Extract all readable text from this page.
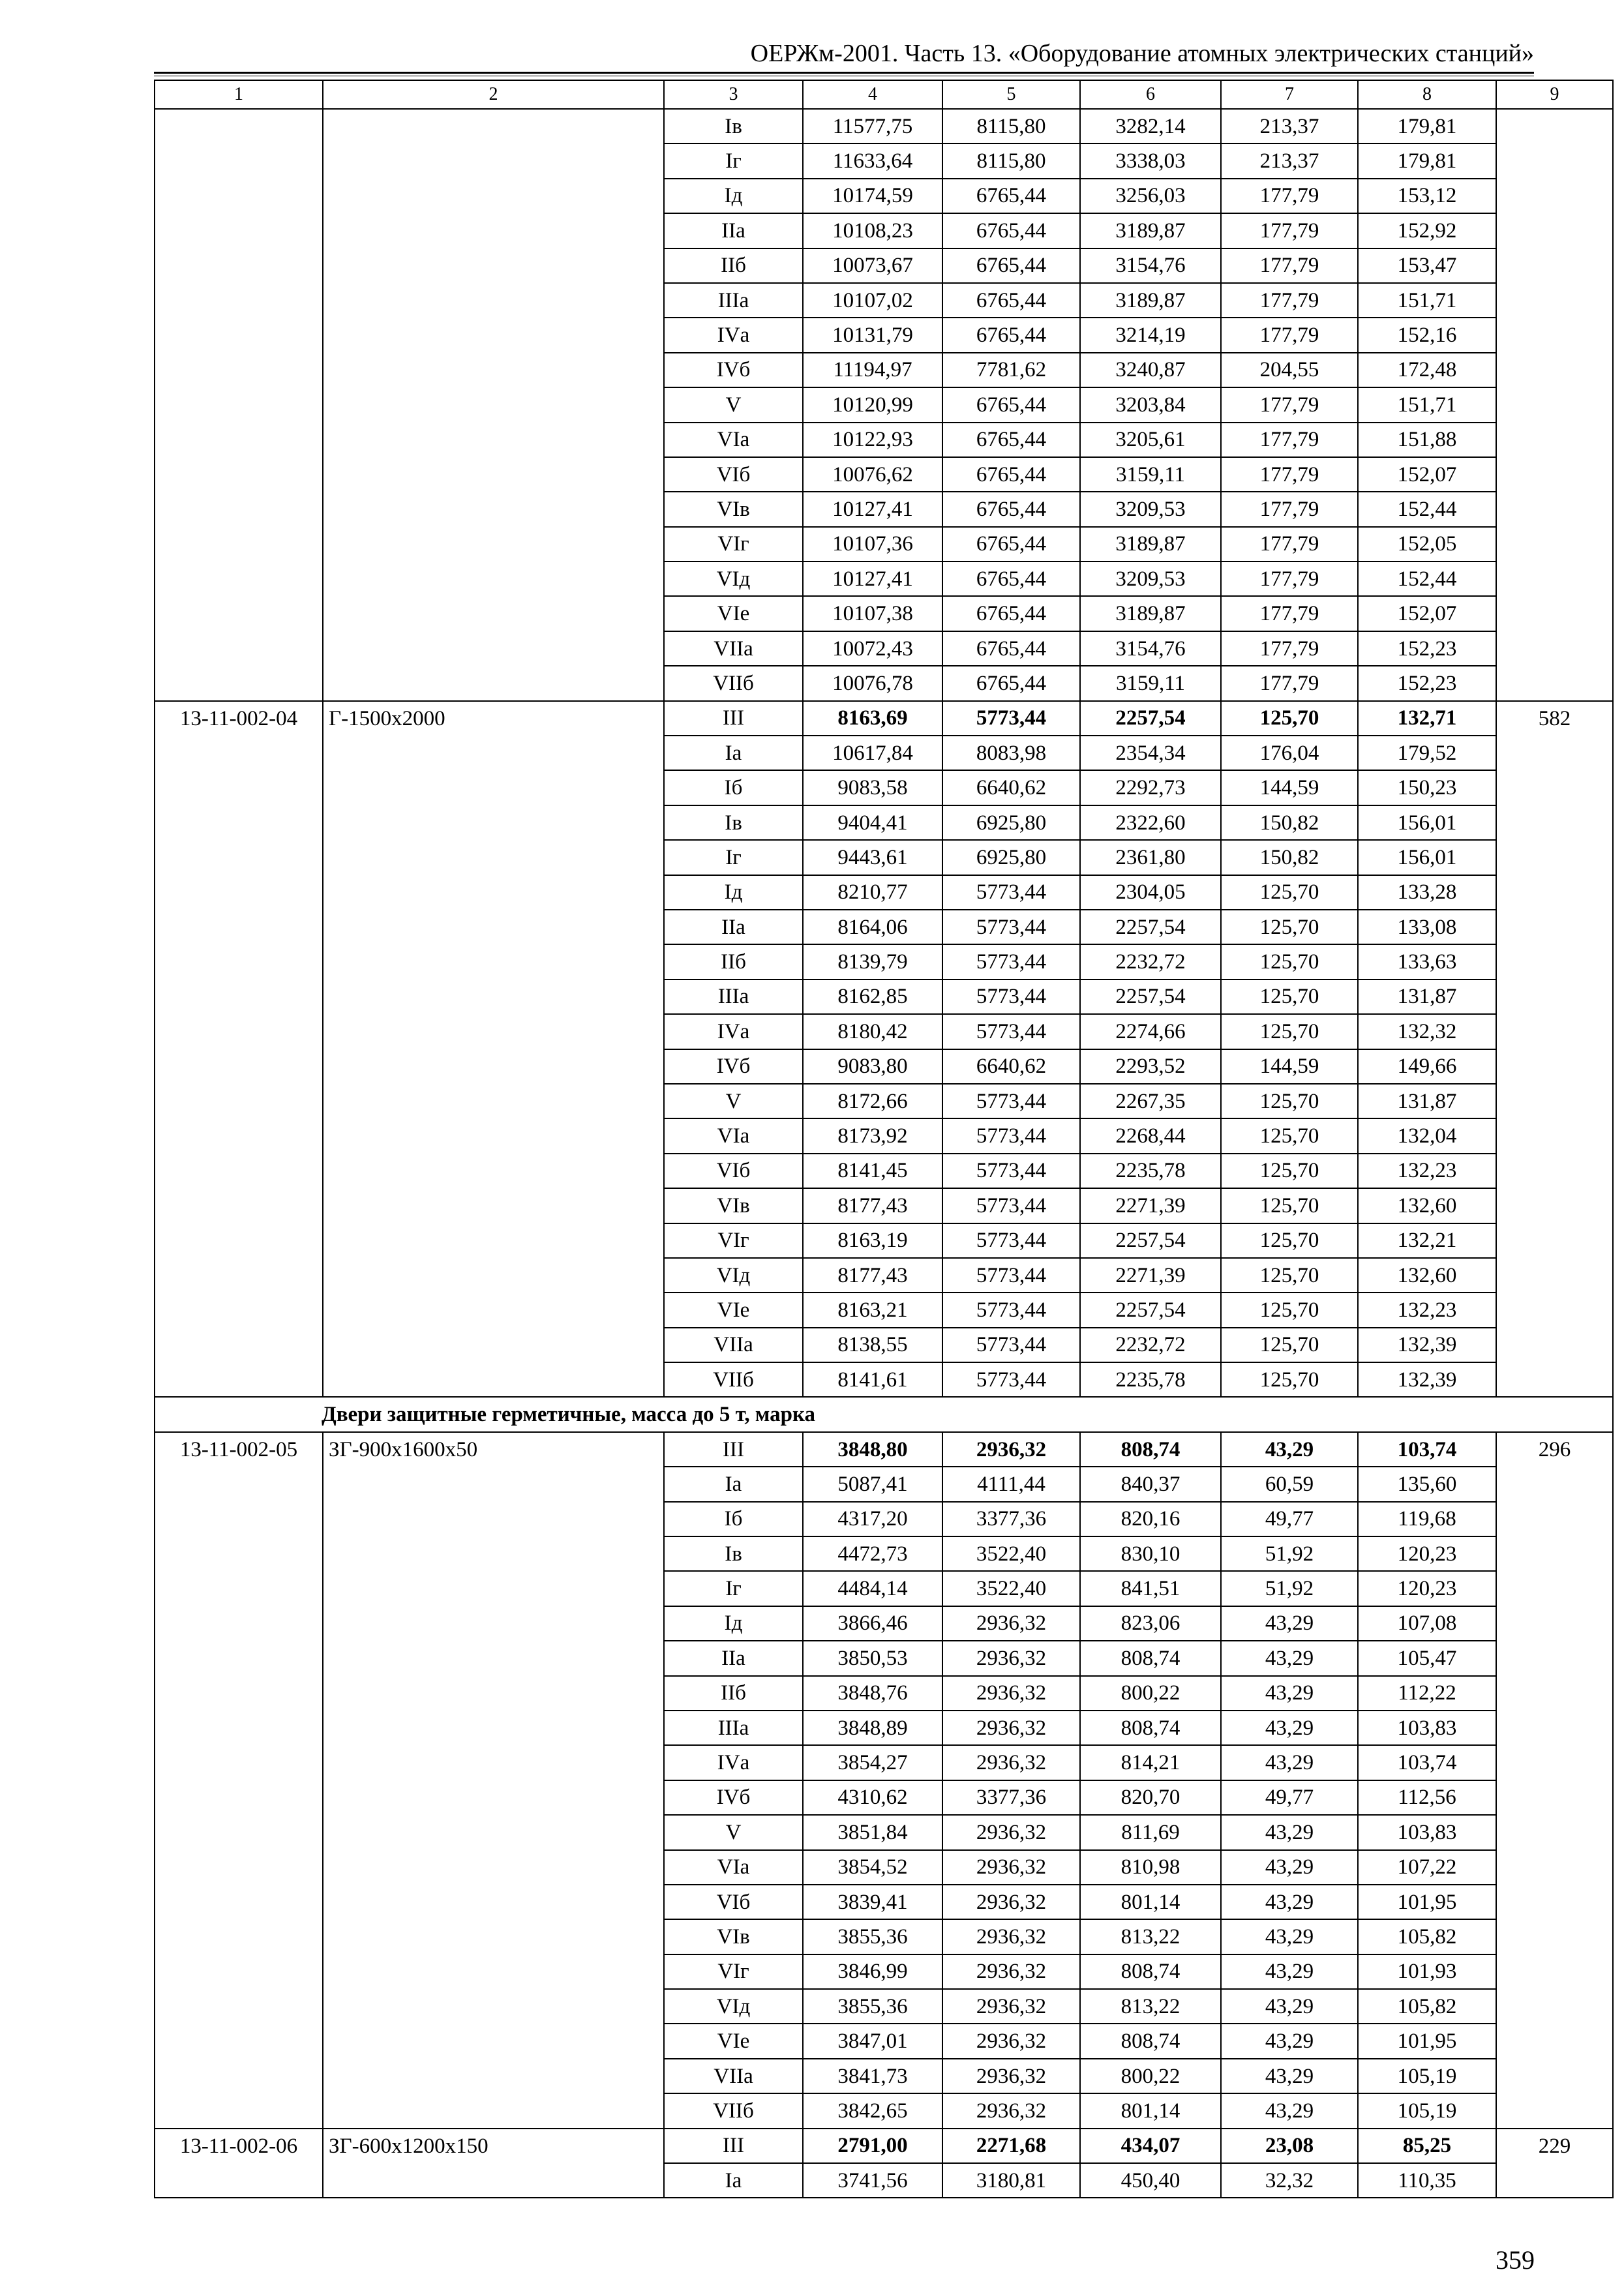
ОЕРЖм-2001. Часть 13. «Оборудование атомных электрических станций»
1	2	3	4	5	6	7	8	9
		Iв	11577,75	8115,80	3282,14	213,37	179,81	
		Iг	11633,64	8115,80	3338,03	213,37	179,81	
		Iд	10174,59	6765,44	3256,03	177,79	153,12	
		IIа	10108,23	6765,44	3189,87	177,79	152,92	
		IIб	10073,67	6765,44	3154,76	177,79	153,47	
		IIIа	10107,02	6765,44	3189,87	177,79	151,71	
		IVа	10131,79	6765,44	3214,19	177,79	152,16	
		IVб	11194,97	7781,62	3240,87	204,55	172,48	
		V	10120,99	6765,44	3203,84	177,79	151,71	
		VIа	10122,93	6765,44	3205,61	177,79	151,88	
		VIб	10076,62	6765,44	3159,11	177,79	152,07	
		VIв	10127,41	6765,44	3209,53	177,79	152,44	
		VIг	10107,36	6765,44	3189,87	177,79	152,05	
		VIд	10127,41	6765,44	3209,53	177,79	152,44	
		VIе	10107,38	6765,44	3189,87	177,79	152,07	
		VIIа	10072,43	6765,44	3154,76	177,79	152,23	
		VIIб	10076,78	6765,44	3159,11	177,79	152,23	
13-11-002-04	Г-1500х2000	III	8163,69	5773,44	2257,54	125,70	132,71	582
		Iа	10617,84	8083,98	2354,34	176,04	179,52	
		Iб	9083,58	6640,62	2292,73	144,59	150,23	
		Iв	9404,41	6925,80	2322,60	150,82	156,01	
		Iг	9443,61	6925,80	2361,80	150,82	156,01	
		Iд	8210,77	5773,44	2304,05	125,70	133,28	
		IIа	8164,06	5773,44	2257,54	125,70	133,08	
		IIб	8139,79	5773,44	2232,72	125,70	133,63	
		IIIа	8162,85	5773,44	2257,54	125,70	131,87	
		IVа	8180,42	5773,44	2274,66	125,70	132,32	
		IVб	9083,80	6640,62	2293,52	144,59	149,66	
		V	8172,66	5773,44	2267,35	125,70	131,87	
		VIа	8173,92	5773,44	2268,44	125,70	132,04	
		VIб	8141,45	5773,44	2235,78	125,70	132,23	
		VIв	8177,43	5773,44	2271,39	125,70	132,60	
		VIг	8163,19	5773,44	2257,54	125,70	132,21	
		VIд	8177,43	5773,44	2271,39	125,70	132,60	
		VIе	8163,21	5773,44	2257,54	125,70	132,23	
		VIIа	8138,55	5773,44	2232,72	125,70	132,39	
		VIIб	8141,61	5773,44	2235,78	125,70	132,39	
Двери защитные герметичные, масса до 5 т, марка								
13-11-002-05	ЗГ-900х1600х50	III	3848,80	2936,32	808,74	43,29	103,74	296
		Iа	5087,41	4111,44	840,37	60,59	135,60	
		Iб	4317,20	3377,36	820,16	49,77	119,68	
		Iв	4472,73	3522,40	830,10	51,92	120,23	
		Iг	4484,14	3522,40	841,51	51,92	120,23	
		Iд	3866,46	2936,32	823,06	43,29	107,08	
		IIа	3850,53	2936,32	808,74	43,29	105,47	
		IIб	3848,76	2936,32	800,22	43,29	112,22	
		IIIа	3848,89	2936,32	808,74	43,29	103,83	
		IVа	3854,27	2936,32	814,21	43,29	103,74	
		IVб	4310,62	3377,36	820,70	49,77	112,56	
		V	3851,84	2936,32	811,69	43,29	103,83	
		VIа	3854,52	2936,32	810,98	43,29	107,22	
		VIб	3839,41	2936,32	801,14	43,29	101,95	
		VIв	3855,36	2936,32	813,22	43,29	105,82	
		VIг	3846,99	2936,32	808,74	43,29	101,93	
		VIд	3855,36	2936,32	813,22	43,29	105,82	
		VIе	3847,01	2936,32	808,74	43,29	101,95	
		VIIа	3841,73	2936,32	800,22	43,29	105,19	
		VIIб	3842,65	2936,32	801,14	43,29	105,19	
13-11-002-06	ЗГ-600х1200х150	III	2791,00	2271,68	434,07	23,08	85,25	229
		Iа	3741,56	3180,81	450,40	32,32	110,35	
359
